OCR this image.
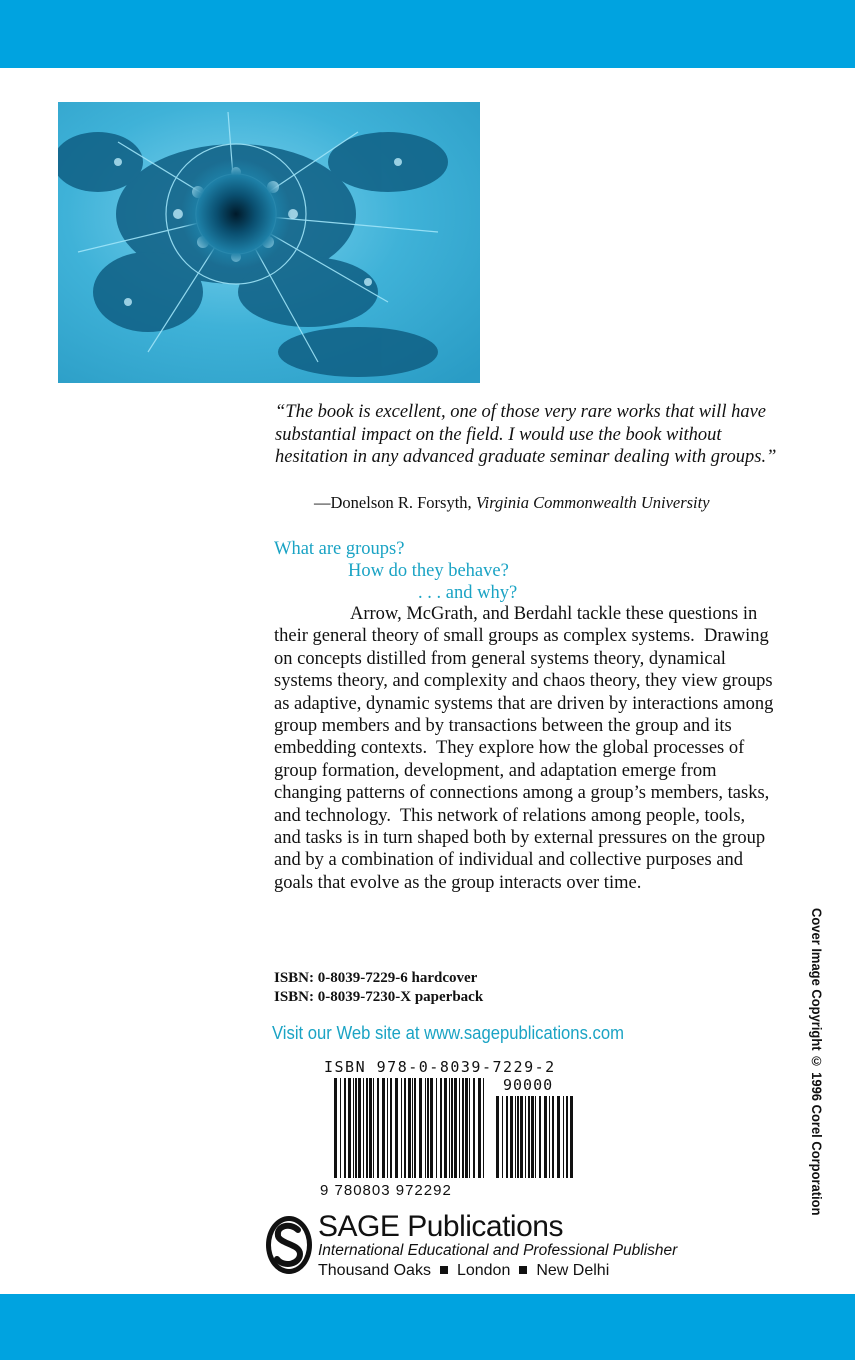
“The book is excellent, one of those very rare works that will have substantial impact on the field. I would use the book without hesitation in any advanced graduate seminar dealing with groups.”

—Donelson R. Forsyth, Virginia Commonwealth University
What are groups?
How do they behave?
. . . and why?

Arrow, McGrath, and Berdahl tackle these questions in their general theory of small groups as complex systems.  Drawing on concepts distilled from general systems theory, dynamical systems theory, and complexity and chaos theory, they view groups as adaptive, dynamic systems that are driven by interactions among group members and by transactions between the group and its embedding contexts.  They explore how the global processes of group formation, development, and adaptation emerge from changing patterns of connections among a group’s members, tasks, and technology.  This network of relations among people, tools, and tasks is in turn shaped both by external pressures on the group and by a combination of individual and collective purposes and goals that evolve as the group interacts over time.

ISBN: 0-8039-7229-6 hardcover
ISBN: 0-8039-7230-X paperback
Visit our Web site at www.sagepublications.com
ISBN 978-0-8039-7229-2
90000
9 780803 972292
SAGE Publications
International Educational and Professional Publisher
Thousand Oaks London New Delhi
Cover Image Copyright © 1996 Corel Corporation
